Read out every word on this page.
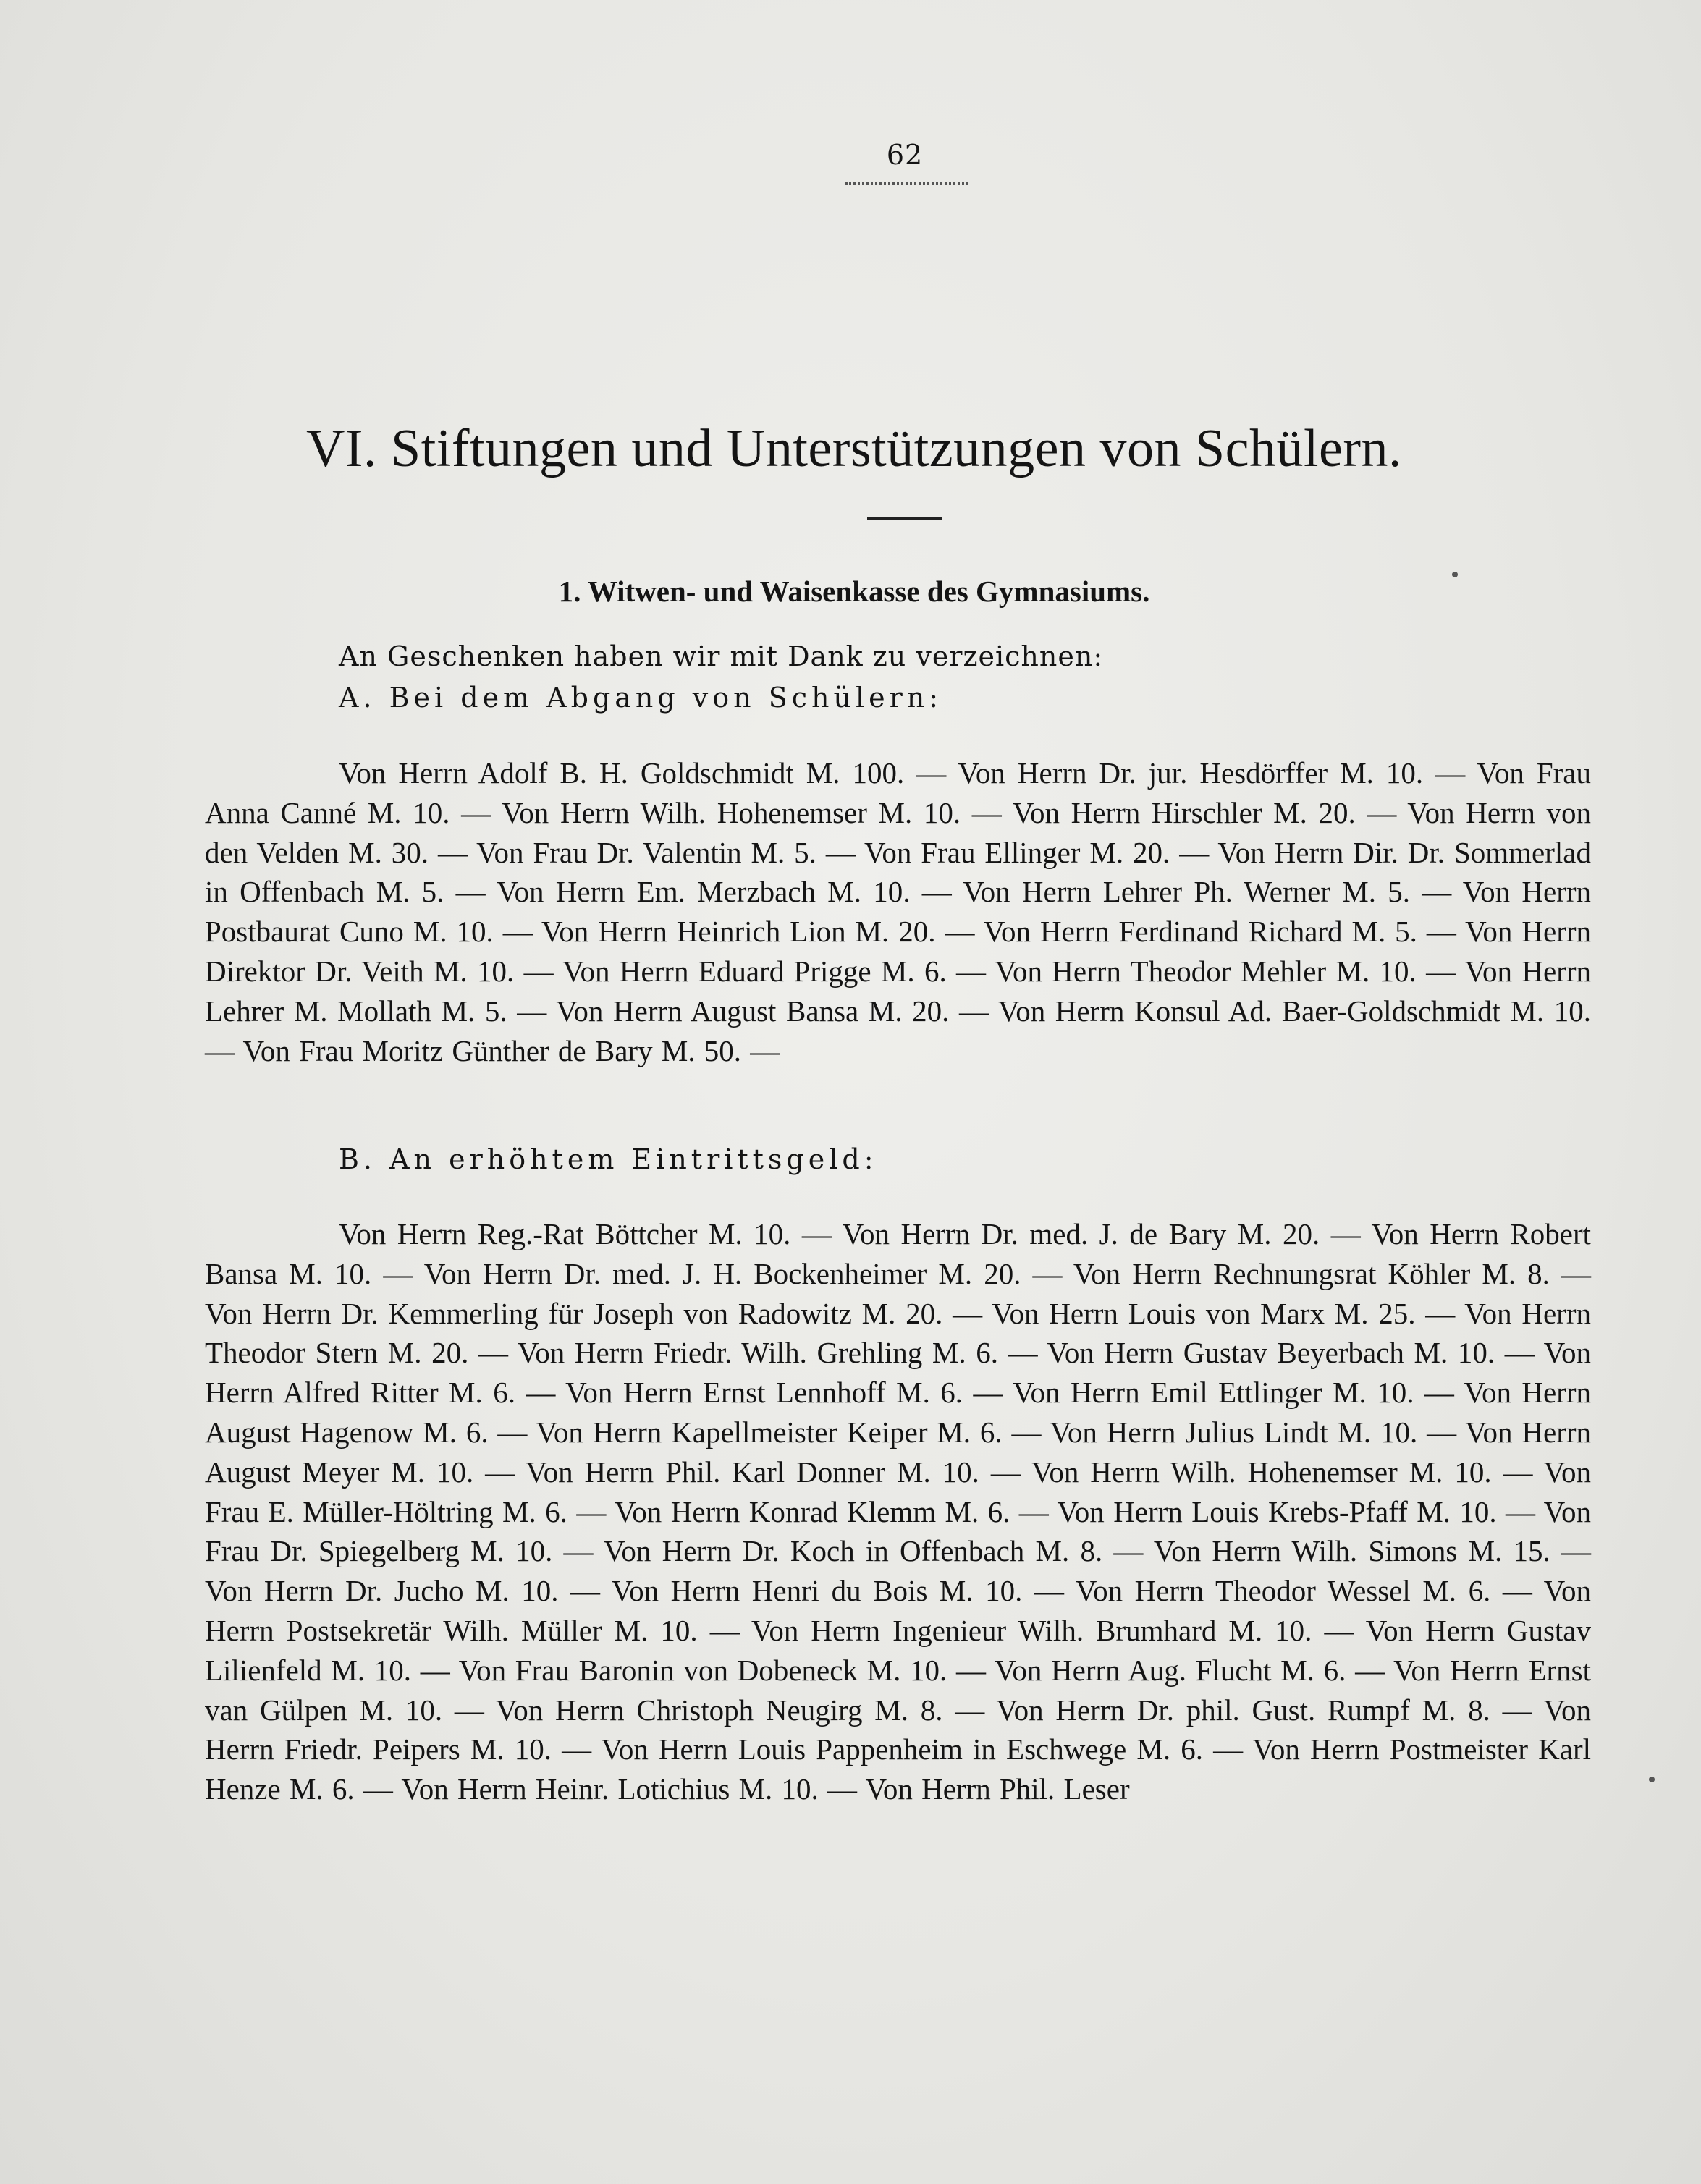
62
VI. Stiftungen und Unterstützungen von Schülern.
1. Witwen- und Waisenkasse des Gymnasiums.
An Geschenken haben wir mit Dank zu verzeichnen:
A. Bei dem Abgang von Schülern:

Von Herrn Adolf B. H. Goldschmidt M. 100. — Von Herrn Dr. jur. Hesdörffer M. 10. — Von Frau Anna Canné M. 10. — Von Herrn Wilh. Hohenemser M. 10. — Von Herrn Hirschler M. 20. — Von Herrn von den Velden M. 30. — Von Frau Dr. Valentin M. 5. — Von Frau Ellinger M. 20. — Von Herrn Dir. Dr. Sommerlad in Offenbach M. 5. — Von Herrn Em. Merzbach M. 10. — Von Herrn Lehrer Ph. Werner M. 5. — Von Herrn Postbaurat Cuno M. 10. — Von Herrn Heinrich Lion M. 20. — Von Herrn Ferdinand Richard M. 5. — Von Herrn Direktor Dr. Veith M. 10. — Von Herrn Eduard Prigge M. 6. — Von Herrn Theodor Mehler M. 10. — Von Herrn Lehrer M. Mollath M. 5. — Von Herrn August Bansa M. 20. — Von Herrn Konsul Ad. Baer-Goldschmidt M. 10. — Von Frau Moritz Günther de Bary M. 50. —

B. An erhöhtem Eintrittsgeld:

Von Herrn Reg.-Rat Böttcher M. 10. — Von Herrn Dr. med. J. de Bary M. 20. — Von Herrn Robert Bansa M. 10. — Von Herrn Dr. med. J. H. Bockenheimer M. 20. — Von Herrn Rechnungsrat Köhler M. 8. — Von Herrn Dr. Kemmerling für Joseph von Radowitz M. 20. — Von Herrn Louis von Marx M. 25. — Von Herrn Theodor Stern M. 20. — Von Herrn Friedr. Wilh. Grehling M. 6. — Von Herrn Gustav Beyerbach M. 10. — Von Herrn Alfred Ritter M. 6. — Von Herrn Ernst Lennhoff M. 6. — Von Herrn Emil Ettlinger M. 10. — Von Herrn August Hagenow M. 6. — Von Herrn Kapellmeister Keiper M. 6. — Von Herrn Julius Lindt M. 10. — Von Herrn August Meyer M. 10. — Von Herrn Phil. Karl Donner M. 10. — Von Herrn Wilh. Hohenemser M. 10. — Von Frau E. Müller-Höltring M. 6. — Von Herrn Konrad Klemm M. 6. — Von Herrn Louis Krebs-Pfaff M. 10. — Von Frau Dr. Spiegelberg M. 10. — Von Herrn Dr. Koch in Offenbach M. 8. — Von Herrn Wilh. Simons M. 15. — Von Herrn Dr. Jucho M. 10. — Von Herrn Henri du Bois M. 10. — Von Herrn Theodor Wessel M. 6. — Von Herrn Postsekretär Wilh. Müller M. 10. — Von Herrn Ingenieur Wilh. Brumhard M. 10. — Von Herrn Gustav Lilienfeld M. 10. — Von Frau Baronin von Dobeneck M. 10. — Von Herrn Aug. Flucht M. 6. — Von Herrn Ernst van Gülpen M. 10. — Von Herrn Christoph Neugirg M. 8. — Von Herrn Dr. phil. Gust. Rumpf M. 8. — Von Herrn Friedr. Peipers M. 10. — Von Herrn Louis Pappenheim in Eschwege M. 6. — Von Herrn Postmeister Karl Henze M. 6. — Von Herrn Heinr. Lotichius M. 10. — Von Herrn Phil. Leser
